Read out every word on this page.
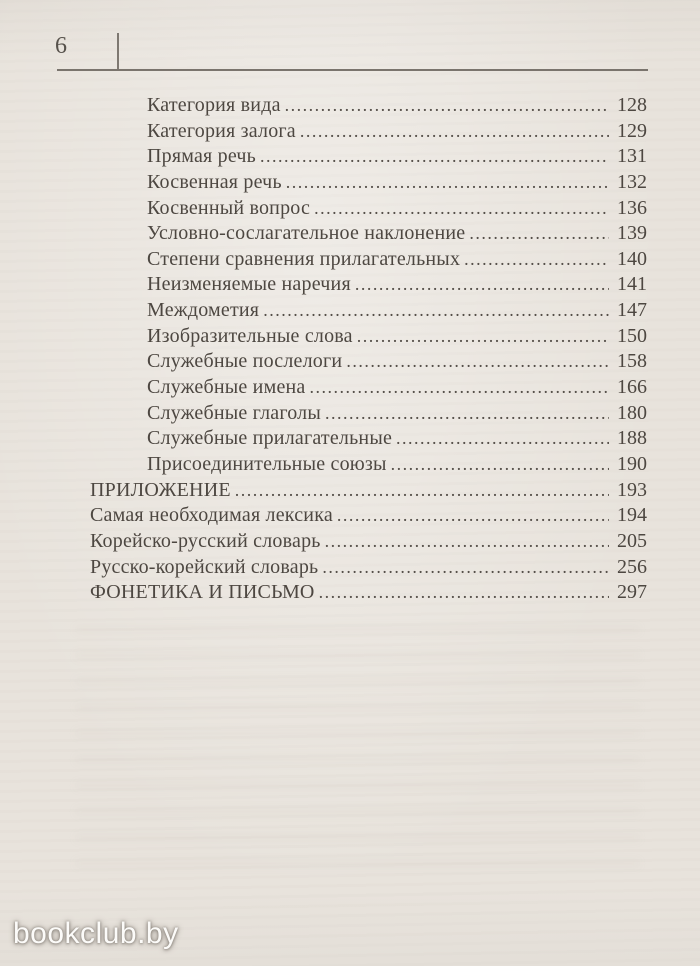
6
Категория вида .....	128
Категория залога .....	129
Прямая речь .....	131
Косвенная речь .....	132
Косвенный вопрос .....	136
Условно-сослагательное наклонение .....	139
Степени сравнения прилагательных .....	140
Неизменяемые наречия .....	141
Междометия .....	147
Изобразительные слова .....	150
Служебные послелоги .....	158
Служебные имена .....	166
Служебные глаголы .....	180
Служебные прилагательные .....	188
Присоединительные союзы .....	190
ПРИЛОЖЕНИЕ .....	193
Самая необходимая лексика .....	194
Корейско-русский словарь .....	205
Русско-корейский словарь .....	256
ФОНЕТИКА И ПИСЬМО .....	297
bookclub.by
